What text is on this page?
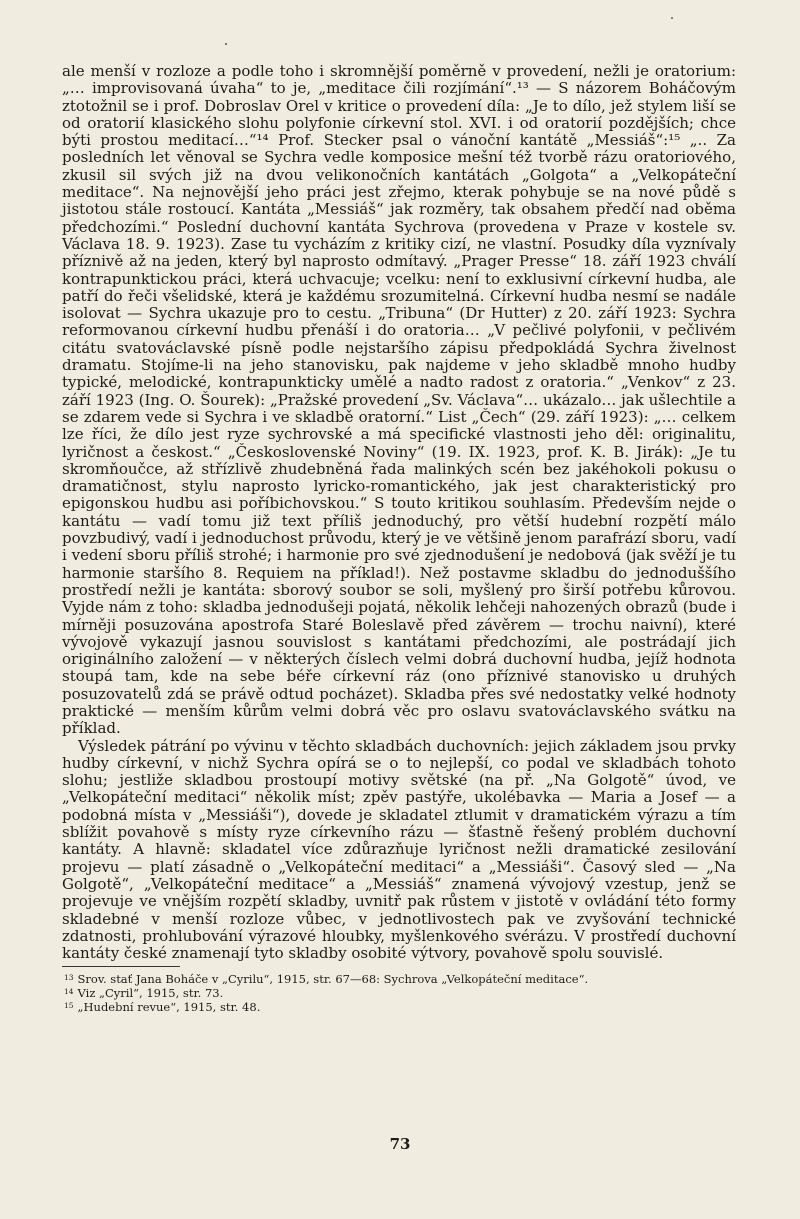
ale menší v rozloze a podle toho i skromnější poměrně v provedení, nežli je oratorium: „… improvisovaná úvaha“ to je, „meditace čili rozjímání“.¹³ — S názorem Boháčovým ztotožnil se i prof. Dobroslav Orel v kritice o provedení díla: „Je to dílo, jež stylem liší se od oratorií klasického slohu polyfonie církevní stol. XVI. i od oratorií pozdějších; chce býti prostou meditací…“¹⁴ Prof. Stecker psal o vánoční kantátě „Messiáš“:¹⁵ „.. Za posledních let věnoval se Sychra vedle komposice mešní též tvorbě rázu oratoriového, zkusil sil svých již na dvou velikonočních kantátách „Golgota“ a „Velkopáteční meditace“. Na nejnovější jeho práci jest zřejmo, kterak pohybuje se na nové půdě s jistotou stále rostoucí. Kantáta „Messiáš“ jak rozměry, tak obsahem předčí nad oběma předchozími.“ Poslední duchovní kantáta Sychrova (provedena v Praze v kostele sv. Václava 18. 9. 1923). Zase tu vycházím z kritiky cizí, ne vlastní. Posudky díla vyznívaly příznivě až na jeden, který byl naprosto odmítavý. „Prager Presse“ 18. září 1923 chválí kontrapunktickou práci, která uchvacuje; vcelku: není to exklusivní církevní hudba, ale patří do řeči všelidské, která je každému srozumitelná. Církevní hudba nesmí se nadále isolovat — Sychra ukazuje pro to cestu. „Tribuna“ (Dr Hutter) z 20. září 1923: Sychra reformovanou církevní hudbu přenáší i do oratoria… „V pečlivé polyfonii, v pečlivém citátu svatováclavské písně podle nejstaršího zápisu předpokládá Sychra živelnost dramatu. Stojíme-li na jeho stanovisku, pak najdeme v jeho skladbě mnoho hudby typické, melodické, kontrapunkticky umělé a nadto radost z oratoria.“ „Venkov“ z 23. září 1923 (Ing. O. Šourek): „Pražské provedení „Sv. Václava“… ukázalo… jak ušlechtile a se zdarem vede si Sychra i ve skladbě oratorní.“ List „Čech“ (29. září 1923): „… celkem lze říci, že dílo jest ryze sychrovské a má specifické vlastnosti jeho děl: originalitu, lyričnost a českost.“ „Československé Noviny“ (19. IX. 1923, prof. K. B. Jirák): „Je tu skromňoučce, až střízlivě zhudebněná řada malinkých scén bez jakéhokoli pokusu o dramatičnost, stylu naprosto lyricko-romantického, jak jest charakteristický pro epigonskou hudbu asi poříbichovskou.“ S touto kritikou souhlasím. Především nejde o kantátu — vadí tomu již text příliš jednoduchý, pro větší hudební rozpětí málo povzbudivý, vadí i jednoduchost průvodu, který je ve většině jenom parafrází sboru, vadí i vedení sboru příliš strohé; i harmonie pro své zjednodušení je nedobová (jak svěží je tu harmonie staršího 8. Requiem na příklad!). Než postavme skladbu do jednoduššího prostředí nežli je kantáta: sborový soubor se soli, myšlený pro širší potřebu kůrovou. Vyjde nám z toho: skladba jednodušeji pojatá, několik lehčeji nahozených obrazů (bude i mírněji posuzována apostrofa Staré Boleslavě před závěrem — trochu naivní), které vývojově vykazují jasnou souvislost s kantátami předchozími, ale postrádají jich originálního založení — v některých číslech velmi dobrá duchovní hudba, jejíž hodnota stoupá tam, kde na sebe béře církevní ráz (ono příznivé stanovisko u druhých posuzovatelů zdá se právě odtud pocházet). Skladba přes své nedostatky velké hodnoty praktické — menším kůrům velmi dobrá věc pro oslavu svatováclavského svátku na příklad.

Výsledek pátrání po vývinu v těchto skladbách duchovních: jejich základem jsou prvky hudby církevní, v nichž Sychra opírá se o to nejlepší, co podal ve skladbách tohoto slohu; jestliže skladbou prostoupí motivy světské (na př. „Na Golgotě“ úvod, ve „Velkopáteční meditaci“ několik míst; zpěv pastýře, ukolébavka — Maria a Josef — a podobná místa v „Messiáši“), dovede je skladatel ztlumit v dramatickém výrazu a tím sblížit povahově s místy ryze církevního rázu — šťastně řešený problém duchovní kantáty. A hlavně: skladatel více zdůrazňuje lyričnost nežli dramatické zesilování projevu — platí zásadně o „Velkopáteční meditaci“ a „Messiáši“. Časový sled — „Na Golgotě“, „Velkopáteční meditace“ a „Messiáš“ znamená vývojový vzestup, jenž se projevuje ve vnějším rozpětí skladby, uvnitř pak růstem v jistotě v ovládání této formy skladebné v menší rozloze vůbec, v jednotlivostech pak ve zvyšování technické zdatnosti, prohlubování výrazové hloubky, myšlenkového svérázu. V prostředí duchovní kantáty české znamenají tyto skladby osobité výtvory, povahově spolu souvislé.

$^{13}$ Srov. stať Jana Boháče v „Cyrilu“, 1915, str. 67—68: Sychrova „Velkopáteční meditace“.
$^{14}$ Viz „Cyril“, 1915, str. 73.
$^{15}$ „Hudební revue“, 1915, str. 48.
73
